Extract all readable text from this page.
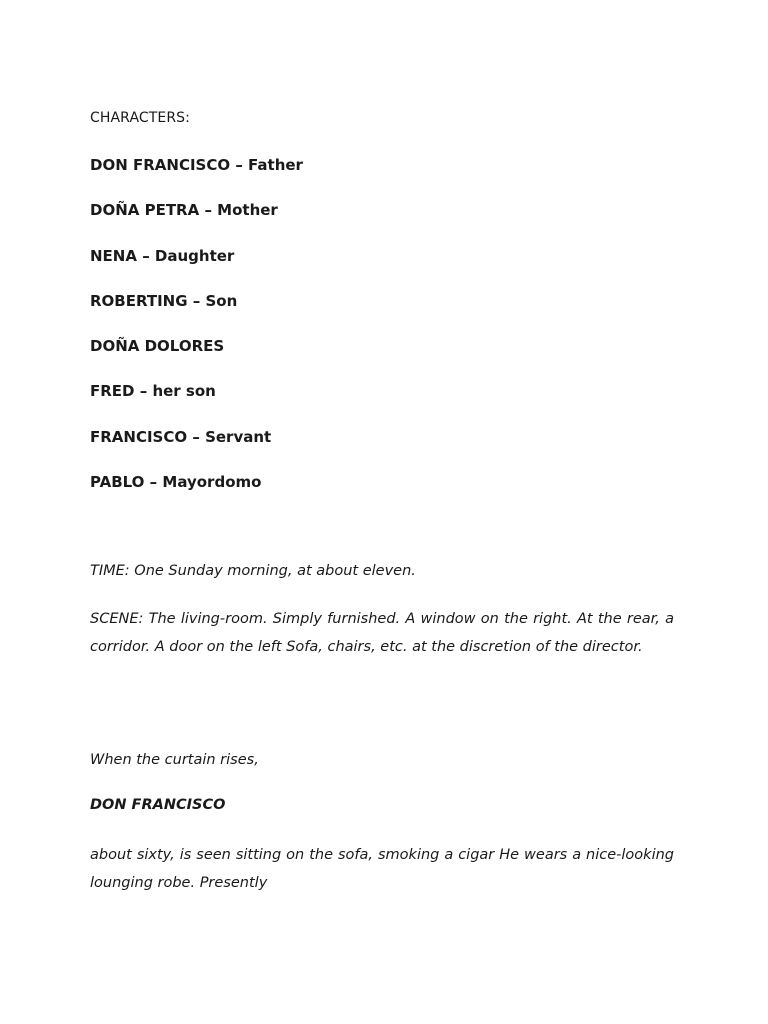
CHARACTERS:
DON FRANCISCO – Father
DOÑA PETRA – Mother
NENA – Daughter
ROBERTING – Son
DOÑA DOLORES
FRED – her son
FRANCISCO – Servant
PABLO – Mayordomo
TIME: One Sunday morning, at about eleven.
SCENE: The living-room. Simply furnished. A window on the right. At the rear, a corridor. A door on the left Sofa, chairs, etc. at the discretion of the director.
When the curtain rises,
DON FRANCISCO
about sixty, is seen sitting on the sofa, smoking a cigar He wears a nice-looking lounging robe. Presently
